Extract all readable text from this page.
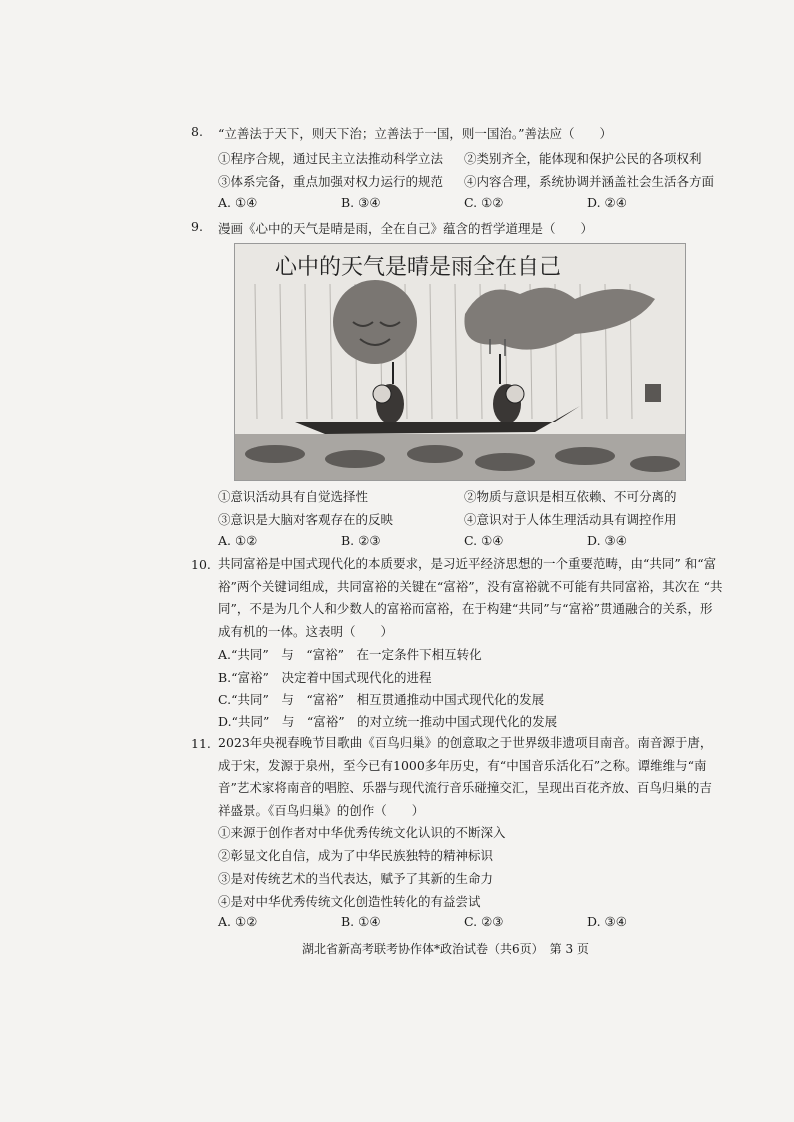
8. “立善法于天下，则天下治；立善法于一国，则一国治。”善法应（　　）
①程序合规，通过民主立法推动科学立法 ②类别齐全，能体现和保护公民的各项权利
③体系完备，重点加强对权力运行的规范 ④内容合理，系统协调并涵盖社会生活各方面
A. ①④	B. ③④	C. ①②	D. ②④
9. 漫画《心中的天气是晴是雨，全在自己》蕴含的哲学道理是（　　）
心中的天气是晴是雨全在自己
①意识活动具有自觉选择性	②物质与意识是相互依赖、不可分离的
③意识是大脑对客观存在的反映	④意识对于人体生理活动具有调控作用
A. ①②	B. ②③	C. ①④	D. ③④
10. 共同富裕是中国式现代化的本质要求，是习近平经济思想的一个重要范畴，由“共同” 和“富裕”两个关键词组成，共同富裕的关键在“富裕”，没有富裕就不可能有共同富裕，其次在 “共同”，不是为几个人和少数人的富裕而富裕，在于构建“共同”与“富裕”贯通融合的关系，形成有机的一体。这表明（　　）
A.“共同”　与　“富裕”　在一定条件下相互转化
B.“富裕”　决定着中国式现代化的进程
C.“共同”　与　“富裕”　相互贯通推动中国式现代化的发展
D.“共同”　与　“富裕”　的对立统一推动中国式现代化的发展
11. 2023年央视春晚节目歌曲《百鸟归巢》的创意取之于世界级非遗项目南音。南音源于唐，成于宋，发源于泉州，至今已有1000多年历史，有“中国音乐活化石”之称。谭维维与“南音”艺术家将南音的唱腔、乐器与现代流行音乐碰撞交汇，呈现出百花齐放、百鸟归巢的吉祥盛景。《百鸟归巢》的创作（　　）
①来源于创作者对中华优秀传统文化认识的不断深入
②彰显文化自信，成为了中华民族独特的精神标识
③是对传统艺术的当代表达，赋予了其新的生命力
④是对中华优秀传统文化创造性转化的有益尝试
A. ①②	B. ①④	C. ②③	D. ③④
湖北省新高考联考协作体*政治试卷（共6页）　第 3 页
